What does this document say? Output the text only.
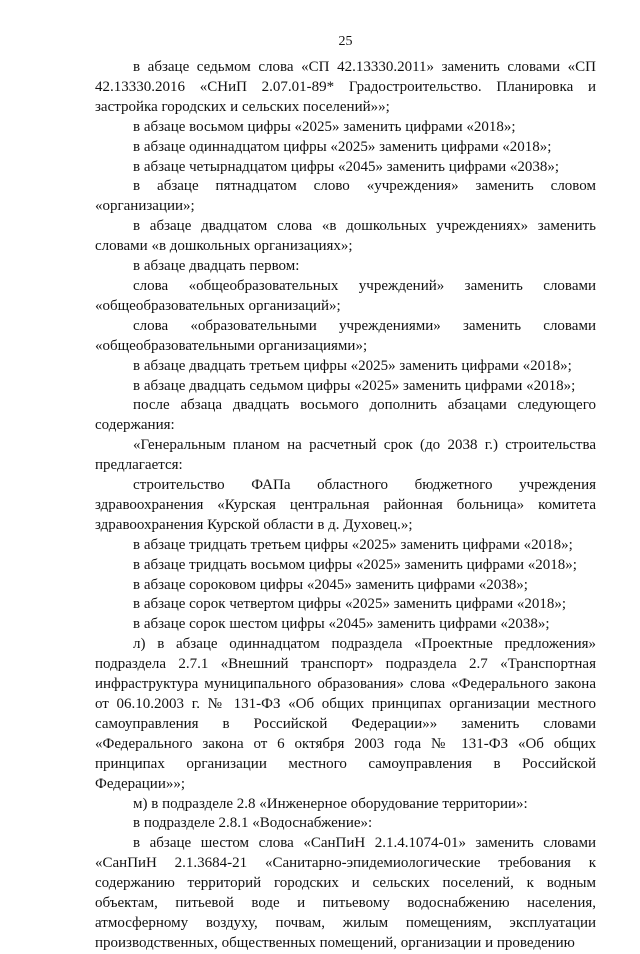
25

в абзаце седьмом слова «СП 42.13330.2011» заменить словами «СП 42.13330.2016 «СНиП 2.07.01-89* Градостроительство. Планировка и застройка городских и сельских поселений»»;

в абзаце восьмом цифры «2025» заменить цифрами «2018»;

в абзаце одиннадцатом цифры «2025» заменить цифрами «2018»;

в абзаце четырнадцатом цифры «2045» заменить цифрами «2038»;

в абзаце пятнадцатом слово «учреждения» заменить словом «организации»;

в абзаце двадцатом слова «в дошкольных учреждениях» заменить словами «в дошкольных организациях»;

в абзаце двадцать первом:

слова «общеобразовательных учреждений» заменить словами «общеобразовательных организаций»;

слова «образовательными учреждениями» заменить словами «общеобразовательными организациями»;

в абзаце двадцать третьем цифры «2025» заменить цифрами «2018»;

в абзаце двадцать седьмом цифры «2025» заменить цифрами «2018»;

после абзаца двадцать восьмого дополнить абзацами следующего содержания:

«Генеральным планом на расчетный срок (до 2038 г.) строительства предлагается:

строительство ФАПа областного бюджетного учреждения здравоохранения «Курская центральная районная больница» комитета здравоохранения Курской области в д. Духовец.»;

в абзаце тридцать третьем цифры «2025» заменить цифрами «2018»;

в абзаце тридцать восьмом цифры «2025» заменить цифрами «2018»;

в абзаце сороковом цифры «2045» заменить цифрами «2038»;

в абзаце сорок четвертом цифры «2025» заменить цифрами «2018»;

в абзаце сорок шестом цифры «2045» заменить цифрами «2038»;

л) в абзаце одиннадцатом подраздела «Проектные предложения» подраздела 2.7.1 «Внешний транспорт» подраздела 2.7 «Транспортная инфраструктура муниципального образования» слова «Федерального закона от 06.10.2003 г. № 131-ФЗ «Об общих принципах организации местного самоуправления в Российской Федерации»» заменить словами «Федерального закона от 6 октября 2003 года № 131-ФЗ «Об общих принципах организации местного самоуправления в Российской Федерации»»;

м) в подразделе 2.8 «Инженерное оборудование территории»:

в подразделе 2.8.1 «Водоснабжение»:

в абзаце шестом слова «СанПиН 2.1.4.1074-01» заменить словами «СанПиН 2.1.3684-21 «Санитарно-эпидемиологические требования к содержанию территорий городских и сельских поселений, к водным объектам, питьевой воде и питьевому водоснабжению населения, атмосферному воздуху, почвам, жилым помещениям, эксплуатации производственных, общественных помещений, организации и проведению
